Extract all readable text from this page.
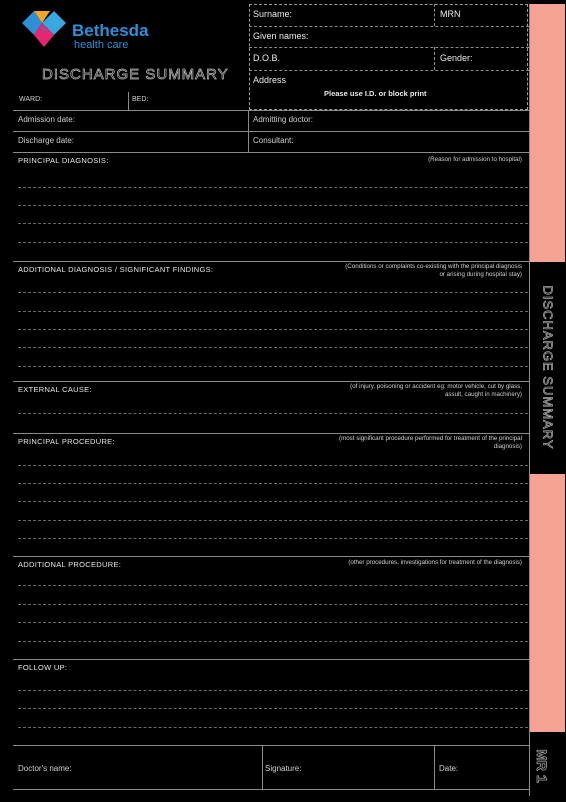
Bethesda
health care
DISCHARGE SUMMARY
WARD:	BED:
Surname:	MRN
Given names:
D.O.B.	Gender:
Address
Please use I.D. or block print
Admission date:	Admitting doctor:
Discharge date:	Consultant:
PRINCIPAL DIAGNOSIS:	(Reason for admission to hospital)
ADDITIONAL DIAGNOSIS / SIGNIFICANT FINDINGS:	(Conditions or complaints co-existing with the principal diagnosis or arising during hospital stay)
EXTERNAL CAUSE:	(of injury, poisoning or accident eg: motor vehicle, cut by glass, assult, caught in machinery)
PRINCIPAL PROCEDURE:	(most significant procedure performed for treatment of the principal diagnosis)
ADDITIONAL PROCEDURE:	(other procedures, investigations for treatment of the diagnosis)
FOLLOW UP:
Doctor's name:	Signature:	Date:
DISCHARGE SUMMARY
MR 1
